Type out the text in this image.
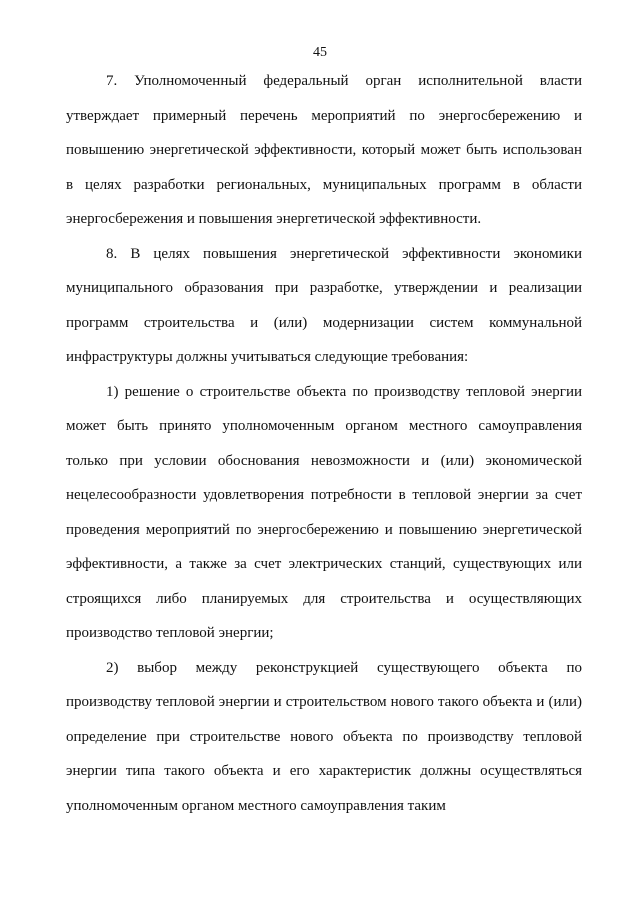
45

7. Уполномоченный федеральный орган исполнительной власти утверждает примерный перечень мероприятий по энергосбережению и повышению энергетической эффективности, который может быть использован в целях разработки региональных, муниципальных программ в области энергосбережения и повышения энергетической эффективности.

8. В целях повышения энергетической эффективности экономики муниципального образования при разработке, утверждении и реализации программ строительства и (или) модернизации систем коммунальной инфраструктуры должны учитываться следующие требования:

1) решение о строительстве объекта по производству тепловой энергии может быть принято уполномоченным органом местного самоуправления только при условии обоснования невозможности и (или) экономической нецелесообразности удовлетворения потребности в тепловой энергии за счет проведения мероприятий по энергосбережению и повышению энергетической эффективности, а также за счет электрических станций, существующих или строящихся либо планируемых для строительства и осуществляющих производство тепловой энергии;

2) выбор между реконструкцией существующего объекта по производству тепловой энергии и строительством нового такого объекта и (или) определение при строительстве нового объекта по производству тепловой энергии типа такого объекта и его характеристик должны осуществляться уполномоченным органом местного самоуправления таким
